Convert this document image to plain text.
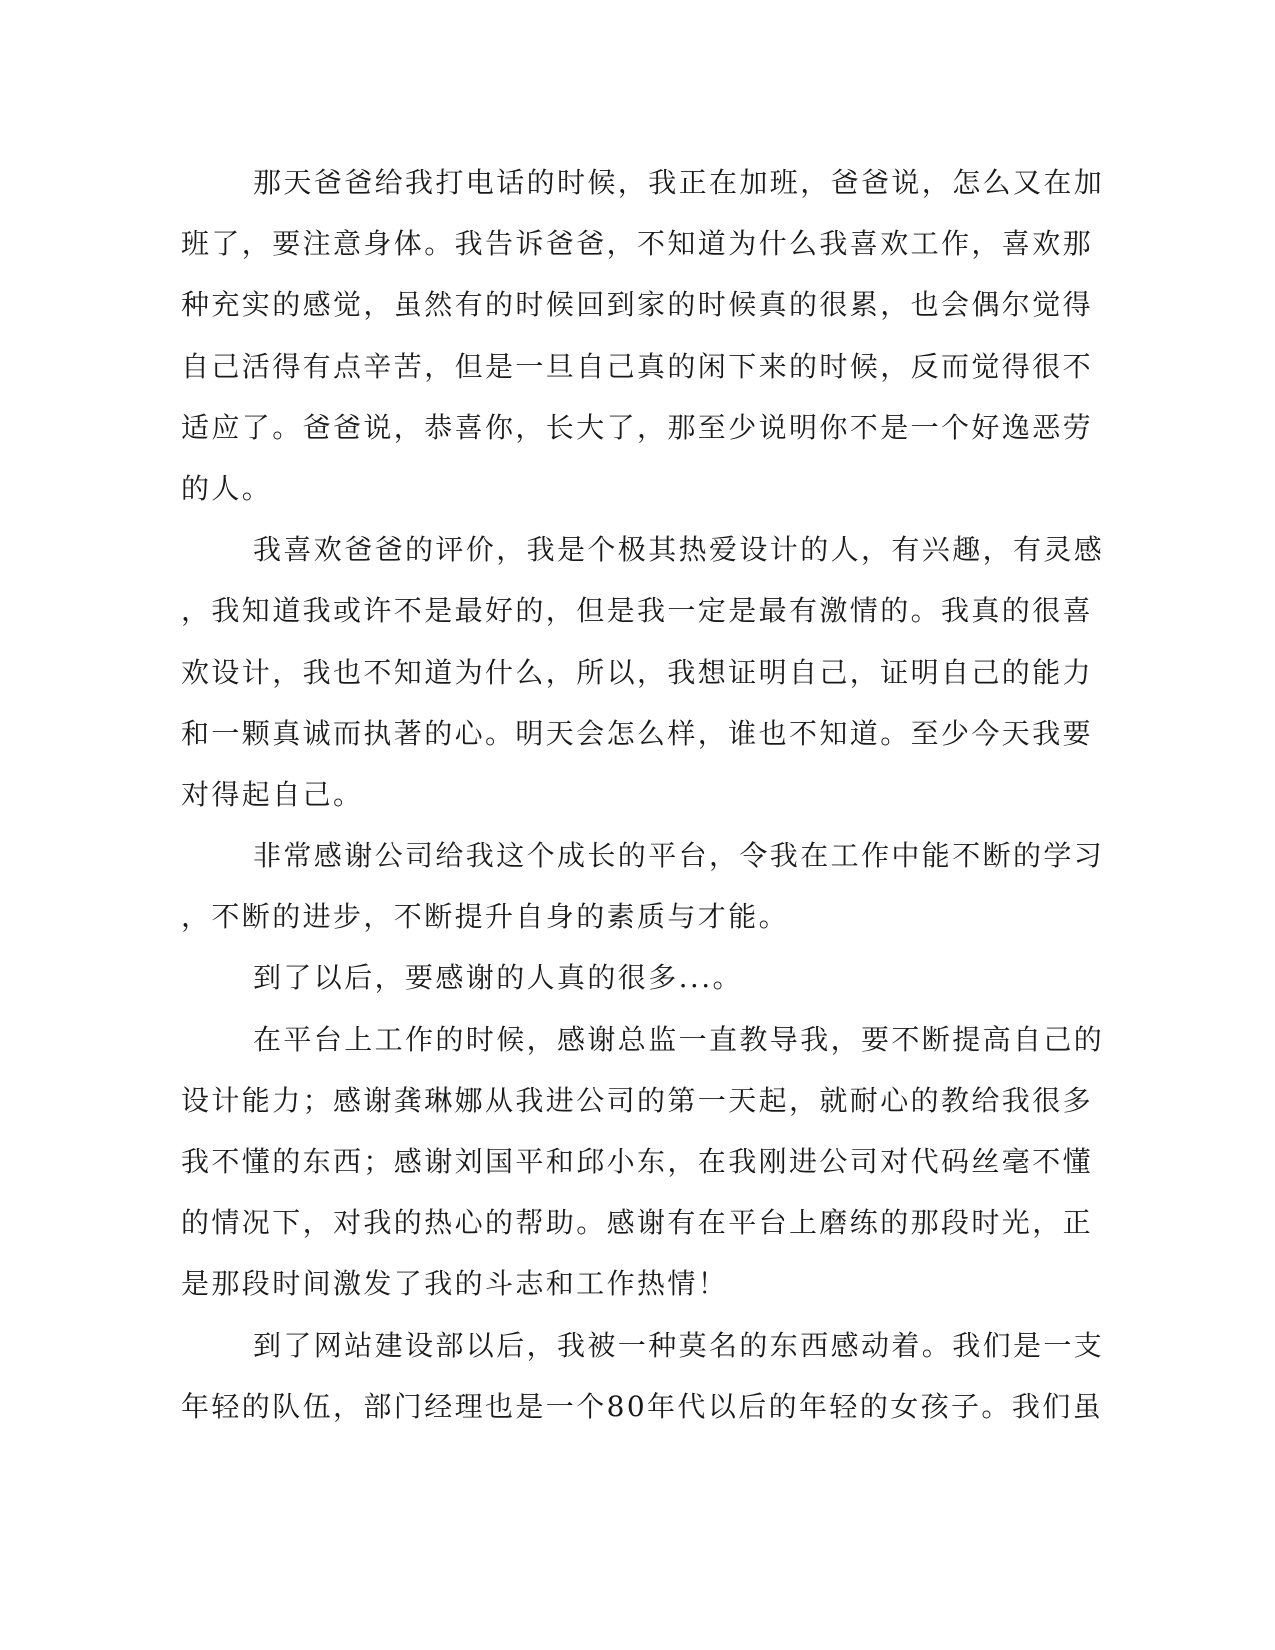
那天爸爸给我打电话的时候，我正在加班，爸爸说，怎么又在加
班了，要注意身体。我告诉爸爸，不知道为什么我喜欢工作，喜欢那
种充实的感觉，虽然有的时候回到家的时候真的很累，也会偶尔觉得
自己活得有点辛苦，但是一旦自己真的闲下来的时候，反而觉得很不
适应了。爸爸说，恭喜你，长大了，那至少说明你不是一个好逸恶劳
的人。
我喜欢爸爸的评价，我是个极其热爱设计的人，有兴趣，有灵感
，我知道我或许不是最好的，但是我一定是最有激情的。我真的很喜
欢设计，我也不知道为什么，所以，我想证明自己，证明自己的能力
和一颗真诚而执著的心。明天会怎么样，谁也不知道。至少今天我要
对得起自己。
非常感谢公司给我这个成长的平台，令我在工作中能不断的学习
，不断的进步，不断提升自身的素质与才能。
到了以后，要感谢的人真的很多...。
在平台上工作的时候，感谢总监一直教导我，要不断提高自己的
设计能力；感谢龚琳娜从我进公司的第一天起，就耐心的教给我很多
我不懂的东西；感谢刘国平和邱小东，在我刚进公司对代码丝毫不懂
的情况下，对我的热心的帮助。感谢有在平台上磨练的那段时光，正
是那段时间激发了我的斗志和工作热情！
到了网站建设部以后，我被一种莫名的东西感动着。我们是一支
年轻的队伍，部门经理也是一个80年代以后的年轻的女孩子。我们虽
